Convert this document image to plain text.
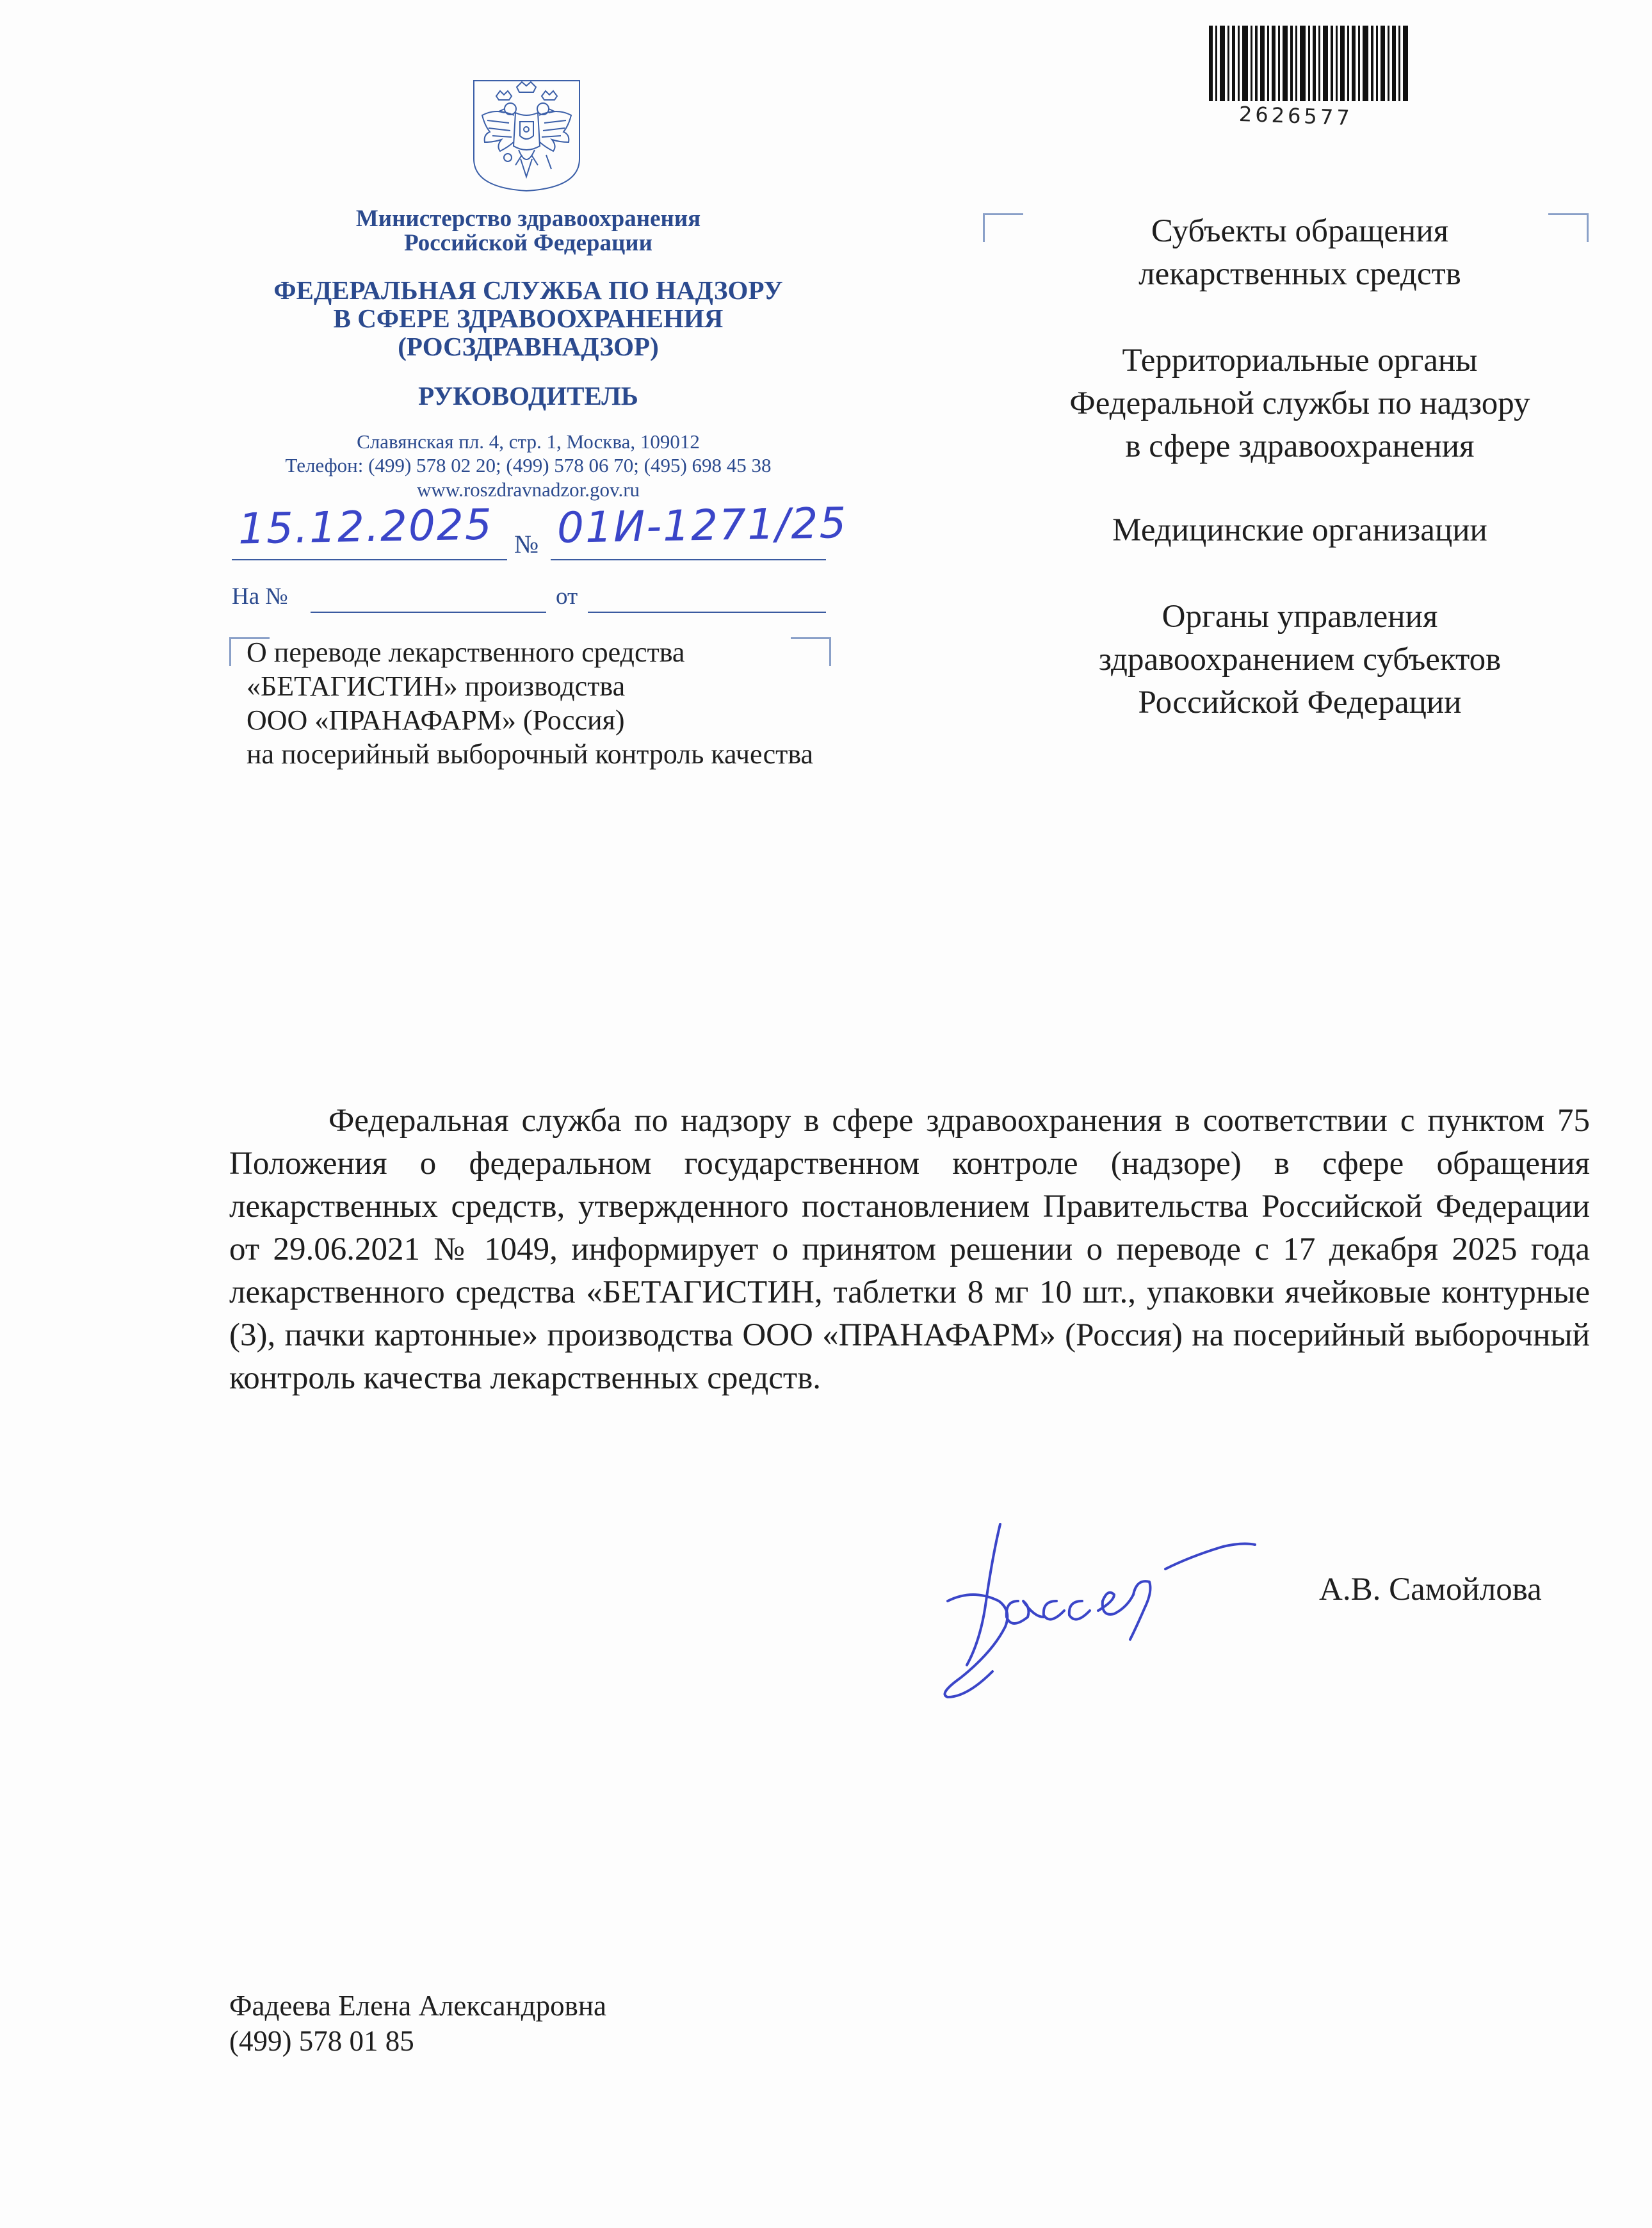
2626577
Министерство здравоохранения
Российской Федерации
ФЕДЕРАЛЬНАЯ СЛУЖБА ПО НАДЗОРУ
В СФЕРЕ ЗДРАВООХРАНЕНИЯ
(РОСЗДРАВНАДЗОР)
РУКОВОДИТЕЛЬ
Славянская пл. 4, стр. 1, Москва, 109012
Телефон: (499) 578 02 20; (499) 578 06 70; (495) 698 45 38
www.roszdravnadzor.gov.ru
15.12.2025 № 01И-1271/25
На №	от
О переводе лекарственного средства
«БЕТАГИСТИН» производства
ООО «ПРАНАФАРМ» (Россия)
на посерийный выборочный контроль качества
Субъекты обращения
лекарственных средств
Территориальные органы
Федеральной службы по надзору
в сфере здравоохранения
Медицинские организации
Органы управления
здравоохранением субъектов
Российской Федерации
Федеральная служба по надзору в сфере здравоохранения в соответствии с пунктом 75 Положения о федеральном государственном контроле (надзоре) в сфере обращения лекарственных средств, утвержденного постановлением Правительства Российской Федерации от 29.06.2021 № 1049, информирует о принятом решении о переводе с 17 декабря 2025 года лекарственного средства «БЕТАГИСТИН, таблетки 8 мг 10 шт., упаковки ячейковые контурные (3), пачки картонные» производства ООО «ПРАНАФАРМ» (Россия) на посерийный выборочный контроль качества лекарственных средств.
А.В. Самойлова
Фадеева Елена Александровна
(499) 578 01 85
